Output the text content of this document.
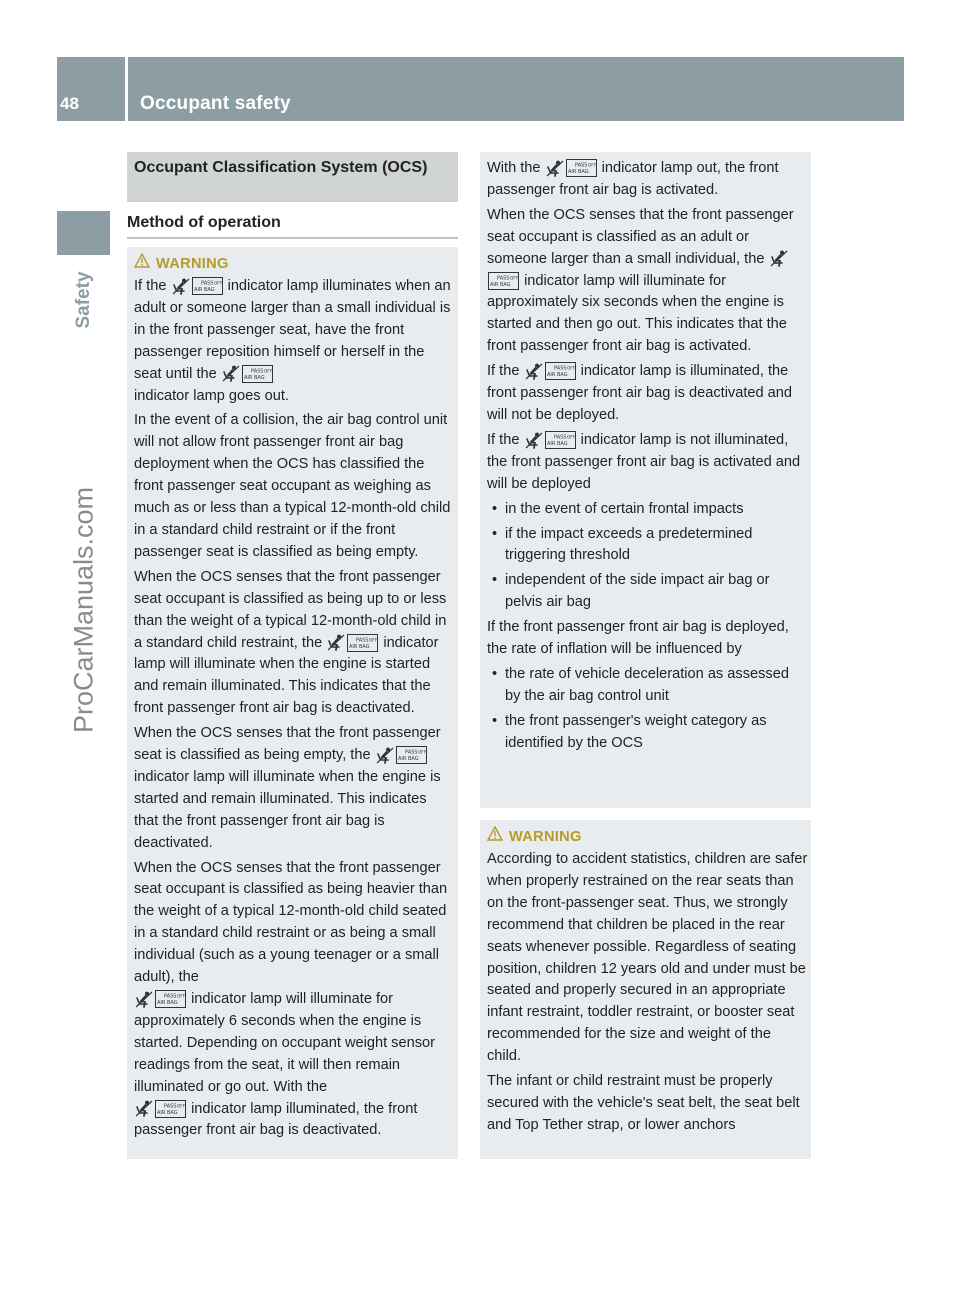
48	Occupant safety
Safety
ProCarManuals.com
Occupant Classification System (OCS)
Method of operation
WARNING

If the	PASS
AIR BAG
OFF indicator lamp illuminates when an adult or someone larger than a small individual is in the front passenger seat, have the front passenger reposition himself or herself in the seat until the	PASS
AIR BAG
OFF

indicator lamp goes out.

In the event of a collision, the air bag control unit will not allow front passenger front air bag deployment when the OCS has classified the front passenger seat occupant as weighing as much as or less than a typical 12-month-old child in a standard child restraint or if the front passenger seat is classified as being empty.

When the OCS senses that the front passenger seat occupant is classified as being up to or less than the weight of a typical 12-month-old child in a standard child restraint, the	PASS
AIR BAG
OFF indicator lamp will illuminate when the engine is started and remain illuminated. This indicates that the front passenger front air bag is deactivated.

When the OCS senses that the front passenger seat is classified as being empty, the	PASS
AIR BAG
OFF
indicator lamp will illuminate when the engine is started and remain illuminated. This indicates that the front passenger front air bag is deactivated.

When the OCS senses that the front passenger seat occupant is classified as being heavier than the weight of a typical 12-month-old child seated in a standard child restraint or as being a small individual (such as a young teenager or a small adult), the

PASS
AIR BAG
OFF indicator lamp will illuminate for approximately 6 seconds when the engine is started. Depending on occupant weight sensor readings from the seat, it will then remain illuminated or go out. With the

PASS
AIR BAG
OFF indicator lamp illuminated, the front passenger front air bag is deactivated.

With the	PASS
AIR BAG
OFF indicator lamp out, the front passenger front air bag is activated.

When the OCS senses that the front passenger seat occupant is classified as an adult or someone larger than a small individual, the
PASS
AIR BAG
OFF indicator lamp will illuminate for approximately six seconds when the engine is started and then go out. This indicates that the front passenger front air bag is activated.

If the	PASS
AIR BAG
OFF indicator lamp is illuminated, the front passenger front air bag is deactivated and will not be deployed.

If the	PASS
AIR BAG
OFF indicator lamp is not illuminated, the front passenger front air bag is activated and will be deployed

• in the event of certain frontal impacts
• if the impact exceeds a predetermined triggering threshold
• independent of the side impact air bag or pelvis air bag

If the front passenger front air bag is deployed, the rate of inflation will be influenced by

• the rate of vehicle deceleration as assessed by the air bag control unit
• the front passenger's weight category as identified by the OCS
WARNING

According to accident statistics, children are safer when properly restrained on the rear seats than on the front-passenger seat. Thus, we strongly recommend that children be placed in the rear seats whenever possible. Regardless of seating position, children 12 years old and under must be seated and properly secured in an appropriate infant restraint, toddler restraint, or booster seat recommended for the size and weight of the child.

The infant or child restraint must be properly secured with the vehicle's seat belt, the seat belt and Top Tether strap, or lower anchors
